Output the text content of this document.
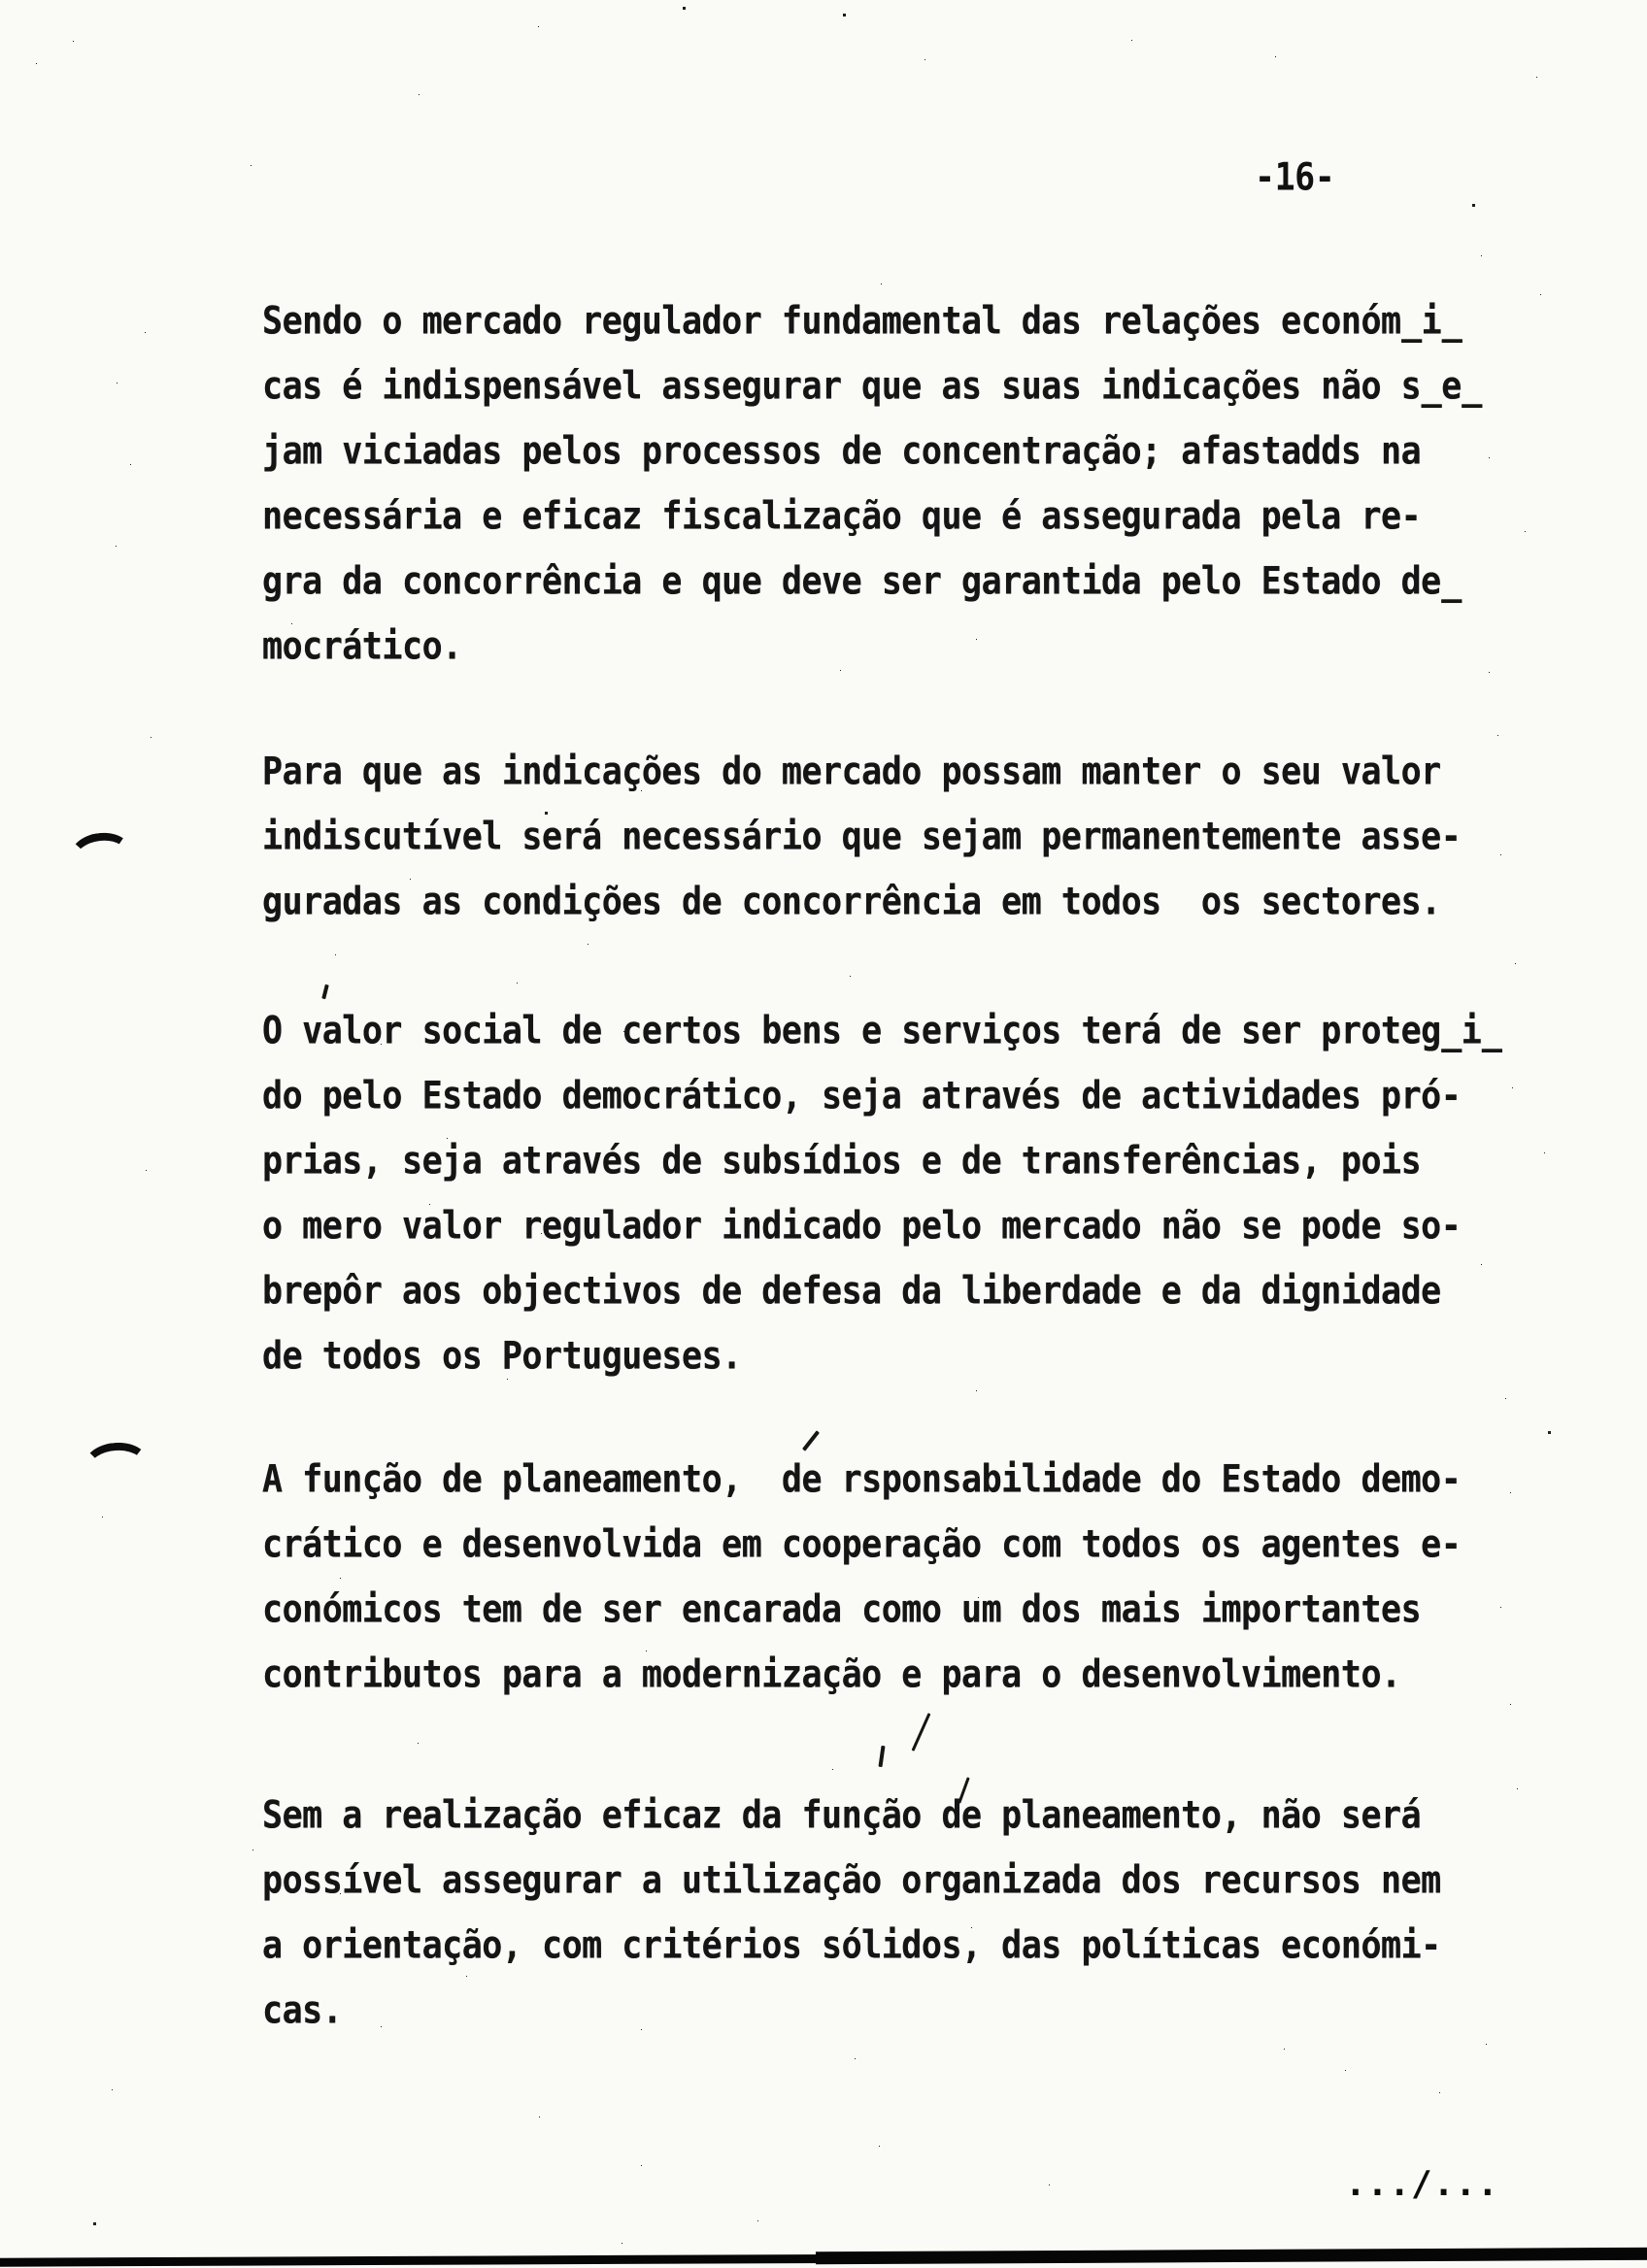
-16-
Sendo o mercado regulador fundamental das relações económ̲i̲
cas é indispensável assegurar que as suas indicações não s̲e̲
jam viciadas pelos processos de concentração; afastadds na
necessária e eficaz fiscalização que é assegurada pela re-
gra da concorrência e que deve ser garantida pelo Estado de̲
mocrático.
Para que as indicações do mercado possam manter o seu valor
indiscutível será necessário que sejam permanentemente asse-
guradas as condições de concorrência em todos  os sectores.
O valor social de certos bens e serviços terá de ser proteg̲i̲
do pelo Estado democrático, seja através de actividades pró-
prias, seja através de subsídios e de transferências, pois
o mero valor regulador indicado pelo mercado não se pode so-
brepôr aos objectivos de defesa da liberdade e da dignidade
de todos os Portugueses.
A função de planeamento,  de rsponsabilidade do Estado demo-
crático e desenvolvida em cooperação com todos os agentes e-
conómicos tem de ser encarada como um dos mais importantes
contributos para a modernização e para o desenvolvimento.
Sem a realização eficaz da função de planeamento, não será
possível assegurar a utilização organizada dos recursos nem
a orientação, com critérios sólidos, das políticas económi-
cas.
.../...
